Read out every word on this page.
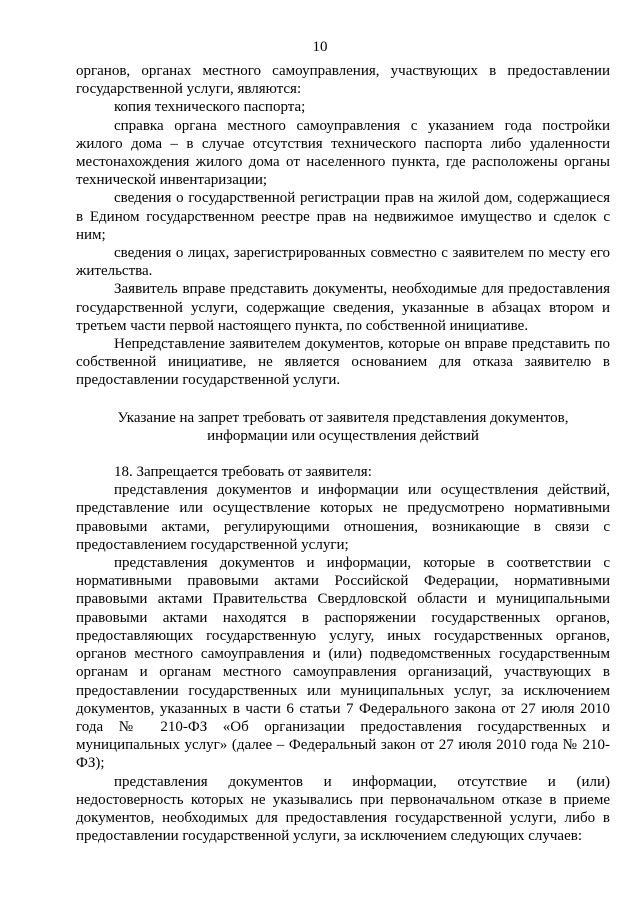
10

органов, органах местного самоуправления, участвующих в предоставлении государственной услуги, являются:

копия технического паспорта;

справка органа местного самоуправления с указанием года постройки жилого дома – в случае отсутствия технического паспорта либо удаленности местонахождения жилого дома от населенного пункта, где расположены органы технической инвентаризации;

сведения о государственной регистрации прав на жилой дом, содержащиеся в Едином государственном реестре прав на недвижимое имущество и сделок с ним;

сведения о лицах, зарегистрированных совместно с заявителем по месту его жительства.

Заявитель вправе представить документы, необходимые для предоставления государственной услуги, содержащие сведения, указанные в абзацах втором и третьем части первой настоящего пункта, по собственной инициативе.

Непредставление заявителем документов, которые он вправе представить по собственной инициативе, не является основанием для отказа заявителю в предоставлении государственной услуги.

Указание на запрет требовать от заявителя представления документов,
информации или осуществления действий

18. Запрещается требовать от заявителя:

представления документов и информации или осуществления действий, представление или осуществление которых не предусмотрено нормативными правовыми актами, регулирующими отношения, возникающие в связи с предоставлением государственной услуги;

представления документов и информации, которые в соответствии с нормативными правовыми актами Российской Федерации, нормативными правовыми актами Правительства Свердловской области и муниципальными правовыми актами находятся в распоряжении государственных органов, предоставляющих государственную услугу, иных государственных органов, органов местного самоуправления и (или) подведомственных государственным органам и органам местного самоуправления организаций, участвующих в предоставлении государственных или муниципальных услуг, за исключением документов, указанных в части 6 статьи 7 Федерального закона от 27 июля 2010 года № 210-ФЗ «Об организации предоставления государственных и муниципальных услуг» (далее – Федеральный закон от 27 июля 2010 года № 210-ФЗ);

представления документов и информации, отсутствие и (или) недостоверность которых не указывались при первоначальном отказе в приеме документов, необходимых для предоставления государственной услуги, либо в предоставлении государственной услуги, за исключением следующих случаев:
